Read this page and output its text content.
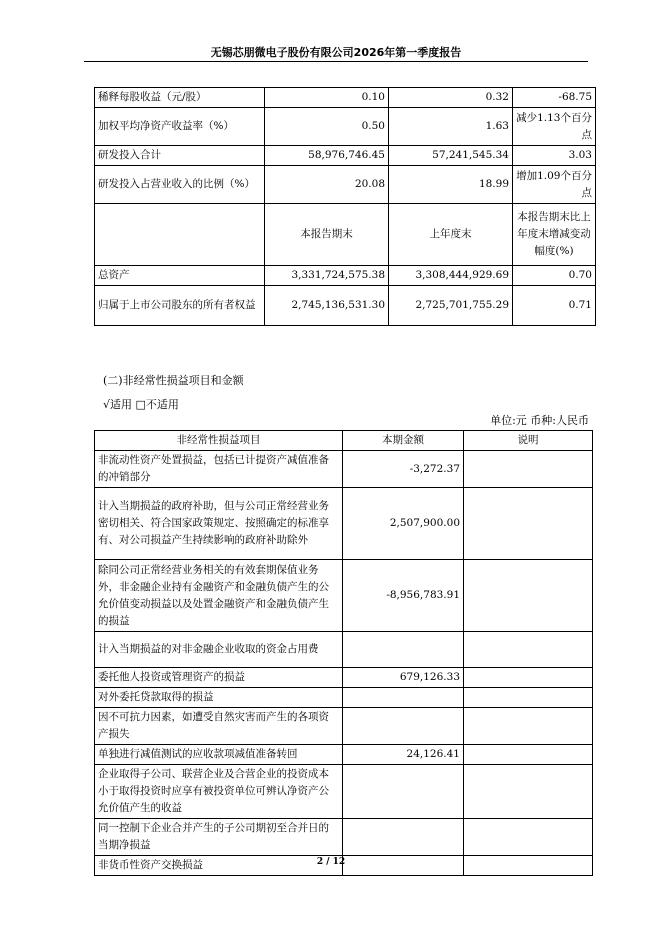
无锡芯朋微电子股份有限公司2026年第一季度报告
稀释每股收益（元/股）	0.10	0.32	-68.75
加权平均净资产收益率（%）	0.50	1.63	减少1.13个百分点
研发投入合计	58,976,746.45	57,241,545.34	3.03
研发投入占营业收入的比例（%）	20.08	18.99	增加1.09个百分点
	本报告期末	上年度末	本报告期末比上年度末增减变动幅度(%)
总资产	3,331,724,575.38	3,308,444,929.69	0.70
归属于上市公司股东的所有者权益	2,745,136,531.30	2,725,701,755.29	0.71
(二)非经常性损益项目和金额
√适用 □不适用
单位:元 币种:人民币
非经常性损益项目	本期金额	说明
非流动性资产处置损益，包括已计提资产减值准备的冲销部分	-3,272.37	
计入当期损益的政府补助，但与公司正常经营业务密切相关、符合国家政策规定、按照确定的标准享有、对公司损益产生持续影响的政府补助除外	2,507,900.00	
除同公司正常经营业务相关的有效套期保值业务外，非金融企业持有金融资产和金融负债产生的公允价值变动损益以及处置金融资产和金融负债产生的损益	-8,956,783.91	
计入当期损益的对非金融企业收取的资金占用费		
委托他人投资或管理资产的损益	679,126.33	
对外委托贷款取得的损益		
因不可抗力因素，如遭受自然灾害而产生的各项资产损失		
单独进行减值测试的应收款项减值准备转回	24,126.41	
企业取得子公司、联营企业及合营企业的投资成本小于取得投资时应享有被投资单位可辨认净资产公允价值产生的收益		
同一控制下企业合并产生的子公司期初至合并日的当期净损益		
非货币性资产交换损益			2 / 12
